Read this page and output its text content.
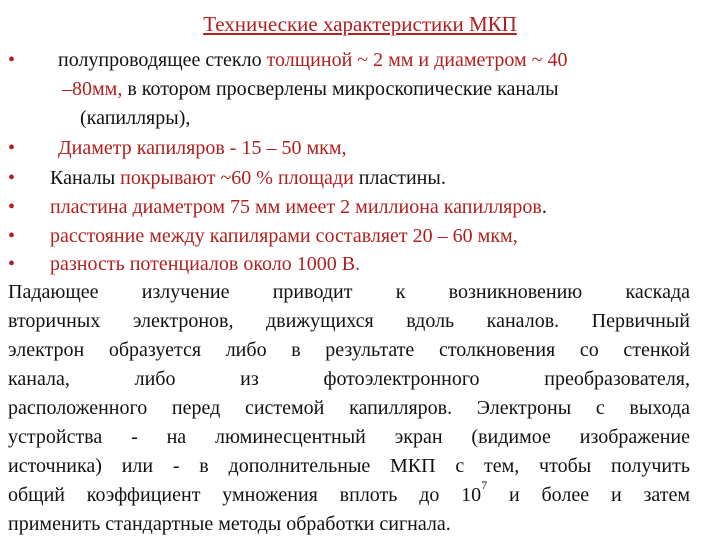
Технические характеристики МКП
• полупроводящее стекло толщиной ~ 2 мм и диаметром ~ 40
–80мм, в котором просверлены микроскопические каналы
(капилляры),
• Диаметр капиляров - 15 – 50 мкм,
• Каналы покрывают ~60 % площади пластины.
• пластина диаметром 75 мм имеет 2 миллиона капилляров.
• расстояние между капилярами составляет 20 – 60 мкм,
• разность потенциалов около 1000 В.
Падающее излучение приводит к возникновению каскада
вторичных электронов, движущихся вдоль каналов. Первичный
электрон образуется либо в результате столкновения со стенкой
канала, либо из фотоэлектронного преобразователя,
расположенного перед системой капилляров. Электроны с выхода
устройства - на люминесцентный экран (видимое изображение
источника) или - в дополнительные МКП с тем, чтобы получить
общий коэффициент умножения вплоть до $10^7$ и более и затем
применить стандартные методы обработки сигнала.
